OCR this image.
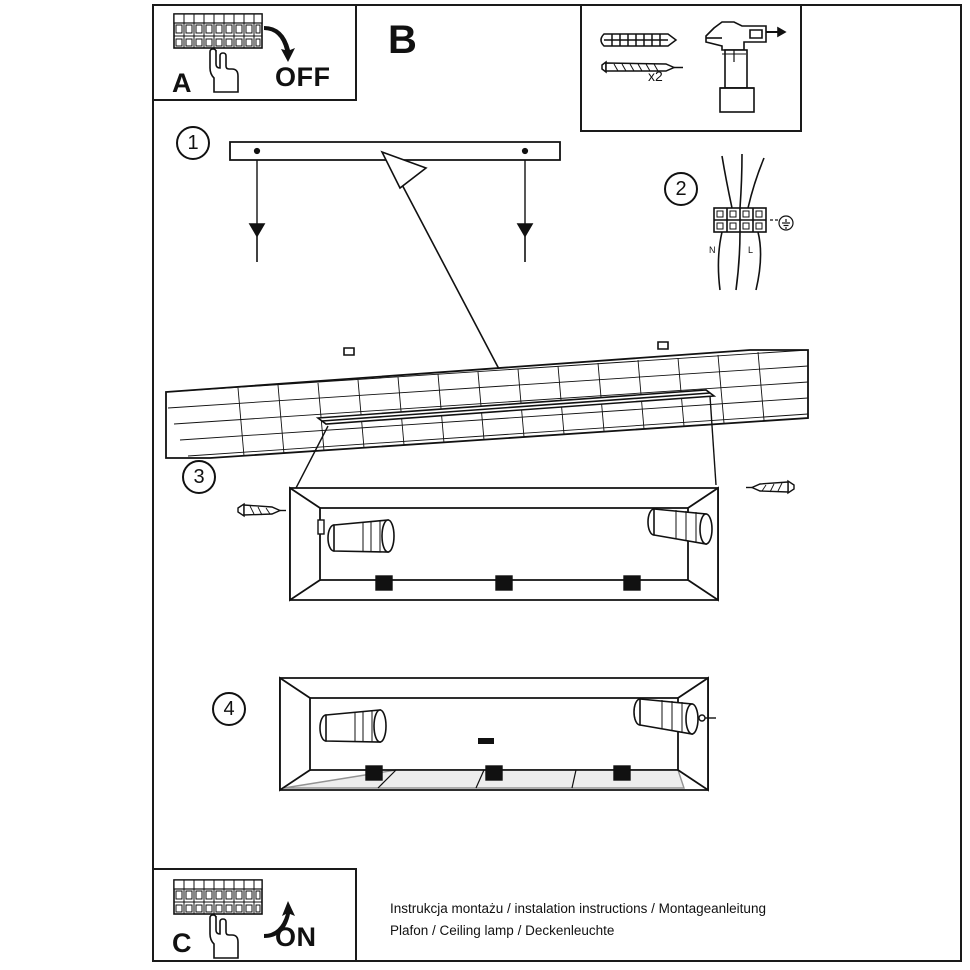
A	OFF
B
x2
1
2
N	L
3
4
C	ON
Instrukcja montażu / instalation instructions / Montageanleitung
Plafon / Ceiling lamp / Deckenleuchte
